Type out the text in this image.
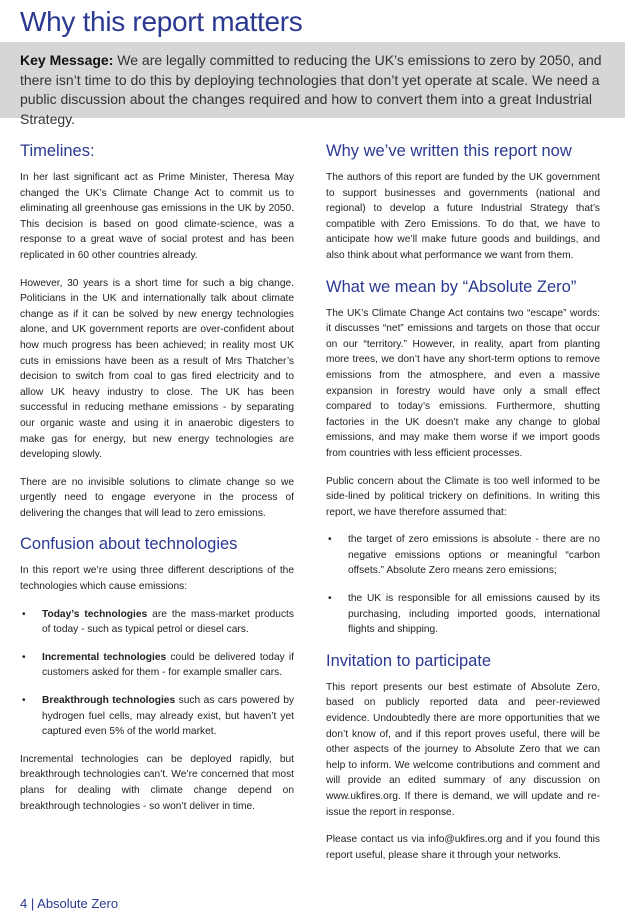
Why this report matters
Key Message: We are legally committed to reducing the UK’s emissions to zero by 2050, and there isn’t time to do this by deploying technologies that don’t yet operate at scale. We need a public discussion about the changes required and how to convert them into a great Industrial Strategy.
Timelines:

In her last significant act as Prime Minister, Theresa May changed the UK’s Climate Change Act to commit us to eliminating all greenhouse gas emissions in the UK by 2050. This decision is based on good climate-science, was a response to a great wave of social protest and has been replicated in 60 other countries already.

However, 30 years is a short time for such a big change. Politicians in the UK and internationally talk about climate change as if it can be solved by new energy technologies alone, and UK government reports are over-confident about how much progress has been achieved; in reality most UK cuts in emissions have been as a result of Mrs Thatcher’s decision to switch from coal to gas fired electricity and to allow UK heavy industry to close. The UK has been successful in reducing methane emissions - by separating our organic waste and using it in anaerobic digesters to make gas for energy, but new energy technologies are developing slowly.

There are no invisible solutions to climate change so we urgently need to engage everyone in the process of delivering the changes that will lead to zero emissions.

Confusion about technologies

In this report we’re using three different descriptions of the technologies which cause emissions:

• Today’s technologies are the mass-market products of today - such as typical petrol or diesel cars.
• Incremental technologies could be delivered today if customers asked for them - for example smaller cars.
• Breakthrough technologies such as cars powered by hydrogen fuel cells, may already exist, but haven’t yet captured even 5% of the world market.

Incremental technologies can be deployed rapidly, but breakthrough technologies can’t. We’re concerned that most plans for dealing with climate change depend on breakthrough technologies - so won’t deliver in time.

Why we’ve written this report now

The authors of this report are funded by the UK government to support businesses and governments (national and regional) to develop a future Industrial Strategy that’s compatible with Zero Emissions. To do that, we have to anticipate how we’ll make future goods and buildings, and also think about what performance we want from them.

What we mean by “Absolute Zero”

The UK’s Climate Change Act contains two “escape” words: it discusses “net” emissions and targets on those that occur on our “territory.” However, in reality, apart from planting more trees, we don’t have any short-term options to remove emissions from the atmosphere, and even a massive expansion in forestry would have only a small effect compared to today’s emissions. Furthermore, shutting factories in the UK doesn’t make any change to global emissions, and may make them worse if we import goods from countries with less efficient processes.

Public concern about the Climate is too well informed to be side-lined by political trickery on definitions. In writing this report, we have therefore assumed that:

• the target of zero emissions is absolute - there are no negative emissions options or meaningful “carbon offsets.” Absolute Zero means zero emissions;
• the UK is responsible for all emissions caused by its purchasing, including imported goods, international flights and shipping.
Invitation to participate

This report presents our best estimate of Absolute Zero, based on publicly reported data and peer-reviewed evidence. Undoubtedly there are more opportunities that we don’t know of, and if this report proves useful, there will be other aspects of the journey to Absolute Zero that we can help to inform. We welcome contributions and comment and will provide an edited summary of any discussion on www.ukfires.org. If there is demand, we will update and re-issue the report in response.

Please contact us via info@ukfires.org and if you found this report useful, please share it through your networks.

4 | Absolute Zero
